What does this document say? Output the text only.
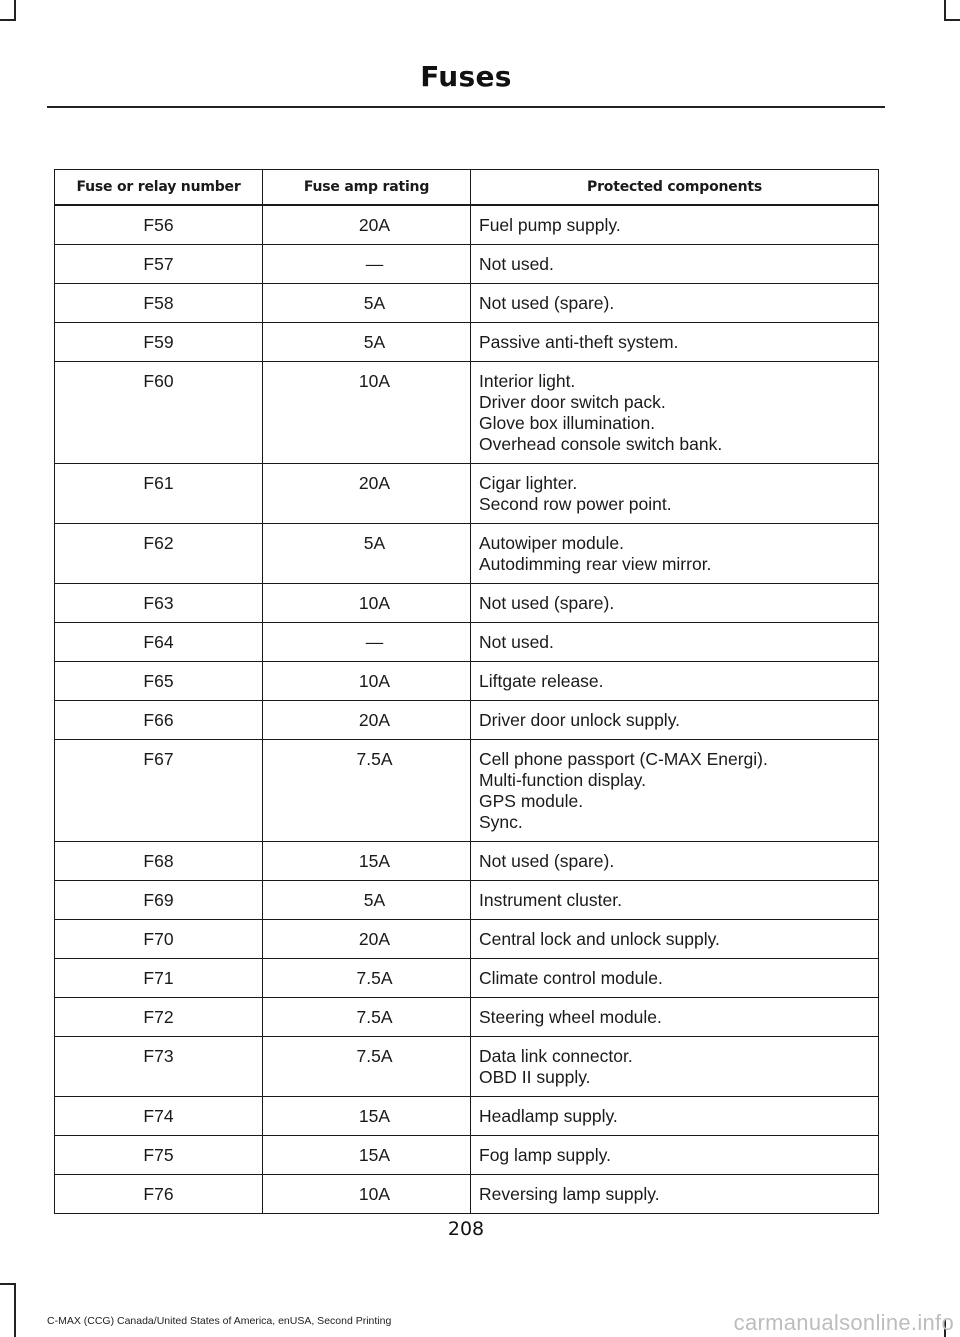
Fuses
Fuse or relay number	Fuse amp rating	Protected components
F56	20A	Fuel pump supply.

F57	—	Not used.

F58	5A	Not used (spare).

F59	5A	Passive anti-theft system.

F60	10A	Interior light.
Driver door switch pack.
Glove box illumination.
Overhead console switch bank.

F61	20A	Cigar lighter.
Second row power point.

F62	5A	Autowiper module.
Autodimming rear view mirror.

F63	10A	Not used (spare).

F64	—	Not used.

F65	10A	Liftgate release.

F66	20A	Driver door unlock supply.

F67	7.5A	Cell phone passport (C-MAX Energi).
Multi-function display.
GPS module.
Sync.

F68	15A	Not used (spare).

F69	5A	Instrument cluster.

F70	20A	Central lock and unlock supply.

F71	7.5A	Climate control module.

F72	7.5A	Steering wheel module.

F73	7.5A	Data link connector.
OBD II supply.

F74	15A	Headlamp supply.

F75	15A	Fog lamp supply.

F76	10A	Reversing lamp supply.
208
C-MAX (CCG) Canada/United States of America, enUSA, Second Printing	carmanualsonline.info
